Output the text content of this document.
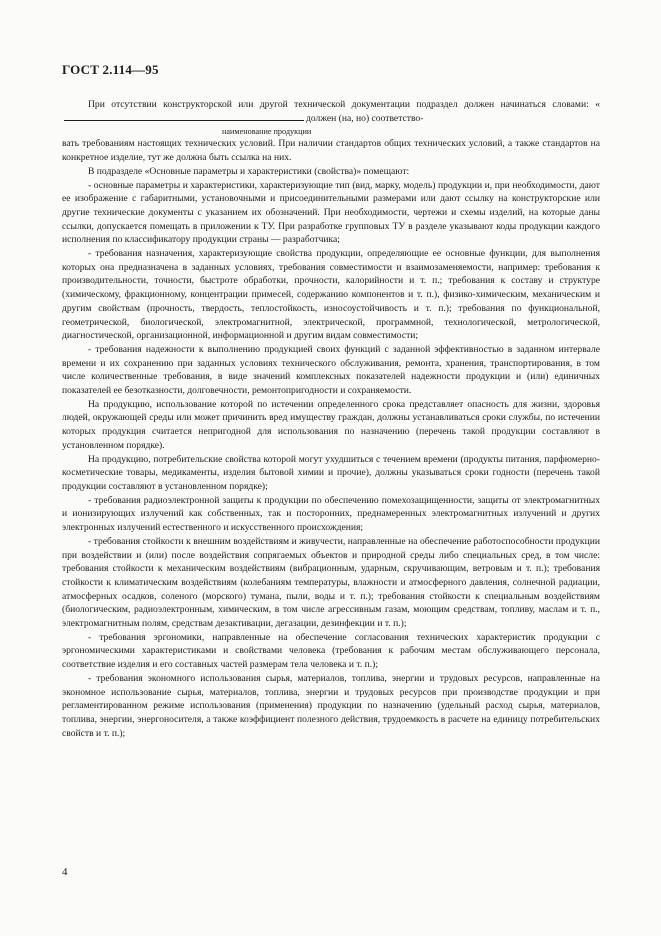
ГОСТ 2.114—95

При отсутствии конструкторской или другой технической документации подраздел должен начинаться словами: «должен (на, но) соответство-

наименование продукции

вать требованиям настоящих технических условий. При наличии стандартов общих технических условий, а также стандартов на конкретное изделие, тут же должна быть ссылка на них.

В подразделе «Основные параметры и характеристики (свойства)» помещают:

- основные параметры и характеристики, характеризующие тип (вид, марку, модель) продукции и, при необходимости, дают ее изображение с габаритными, установочными и присоединительными размерами или дают ссылку на конструкторские или другие технические документы с указанием их обозначений. При необходимости, чертежи и схемы изделий, на которые даны ссылки, допускается помещать в приложении к ТУ. При разработке групповых ТУ в разделе указывают коды продукции каждого исполнения по классификатору продукции страны — разработчика;

- требования назначения, характеризующие свойства продукции, определяющие ее основные функции, для выполнения которых она предназначена в заданных условиях, требования совместимости и взаимозаменяемости, например: требования к производительности, точности, быстроте обработки, прочности, калорийности и т. п.; требования к составу и структуре (химическому, фракционному, концентрации примесей, содержанию компонентов и т. п.), физико-химическим, механическим и другим свойствам (прочность, твердость, теплостойкость, износоустойчивость и т. п.); требования по функциональной, геометрической, биологической, электромагнитной, электрической, программной, технологической, метрологической, диагностической, организационной, информационной и другим видам совместимости;

- требования надежности к выполнению продукцией своих функций с заданной эффективностью в заданном интервале времени и их сохранению при заданных условиях технического обслуживания, ремонта, хранения, транспортирования, в том числе количественные требования, в виде значений комплексных показателей надежности продукции и (или) единичных показателей ее безотказности, долговечности, ремонтопригодности и сохраняемости.

На продукцию, использование которой по истечении определенного срока представляет опасность для жизни, здоровья людей, окружающей среды или может причинить вред имуществу граждан, должны устанавливаться сроки службы, по истечении которых продукция считается непригодной для использования по назначению (перечень такой продукции составляют в установленном порядке).

На продукцию, потребительские свойства которой могут ухудшиться с течением времени (продукты питания, парфюмерно-косметические товары, медикаменты, изделия бытовой химии и прочие), должны указываться сроки годности (перечень такой продукции составляют в установленном порядке);

- требования радиоэлектронной защиты к продукции по обеспечению помехозащищенности, защиты от электромагнитных и ионизирующих излучений как собственных, так и посторонних, преднамеренных электромагнитных излучений и других электронных излучений естественного и искусственного происхождения;

- требования стойкости к внешним воздействиям и живучести, направленные на обеспечение работоспособности продукции при воздействии и (или) после воздействия сопрягаемых объектов и природной среды либо специальных сред, в том числе: требования стойкости к механическим воздействиям (вибрационным, ударным, скручивающим, ветровым и т. п.); требования стойкости к климатическим воздействиям (колебаниям температуры, влажности и атмосферного давления, солнечной радиации, атмосферных осадков, соленого (морского) тумана, пыли, воды и т. п.); требования стойкости к специальным воздействиям (биологическим, радиоэлектронным, химическим, в том числе агрессивным газам, моющим средствам, топливу, маслам и т. п., электромагнитным полям, средствам дезактивации, дегазации, дезинфекции и т. п.);

- требования эргономики, направленные на обеспечение согласования технических характеристик продукции с эргономическими характеристиками и свойствами человека (требования к рабочим местам обслуживающего персонала, соответствие изделия и его составных частей размерам тела человека и т. п.);

- требования экономного использования сырья, материалов, топлива, энергии и трудовых ресурсов, направленные на экономное использование сырья, материалов, топлива, энергии и трудовых ресурсов при производстве продукции и при регламентированном режиме использования (применения) продукции по назначению (удельный расход сырья, материалов, топлива, энергии, энергоносителя, а также коэффициент полезного действия, трудоемкость в расчете на единицу потребительских свойств и т. п.);

4
